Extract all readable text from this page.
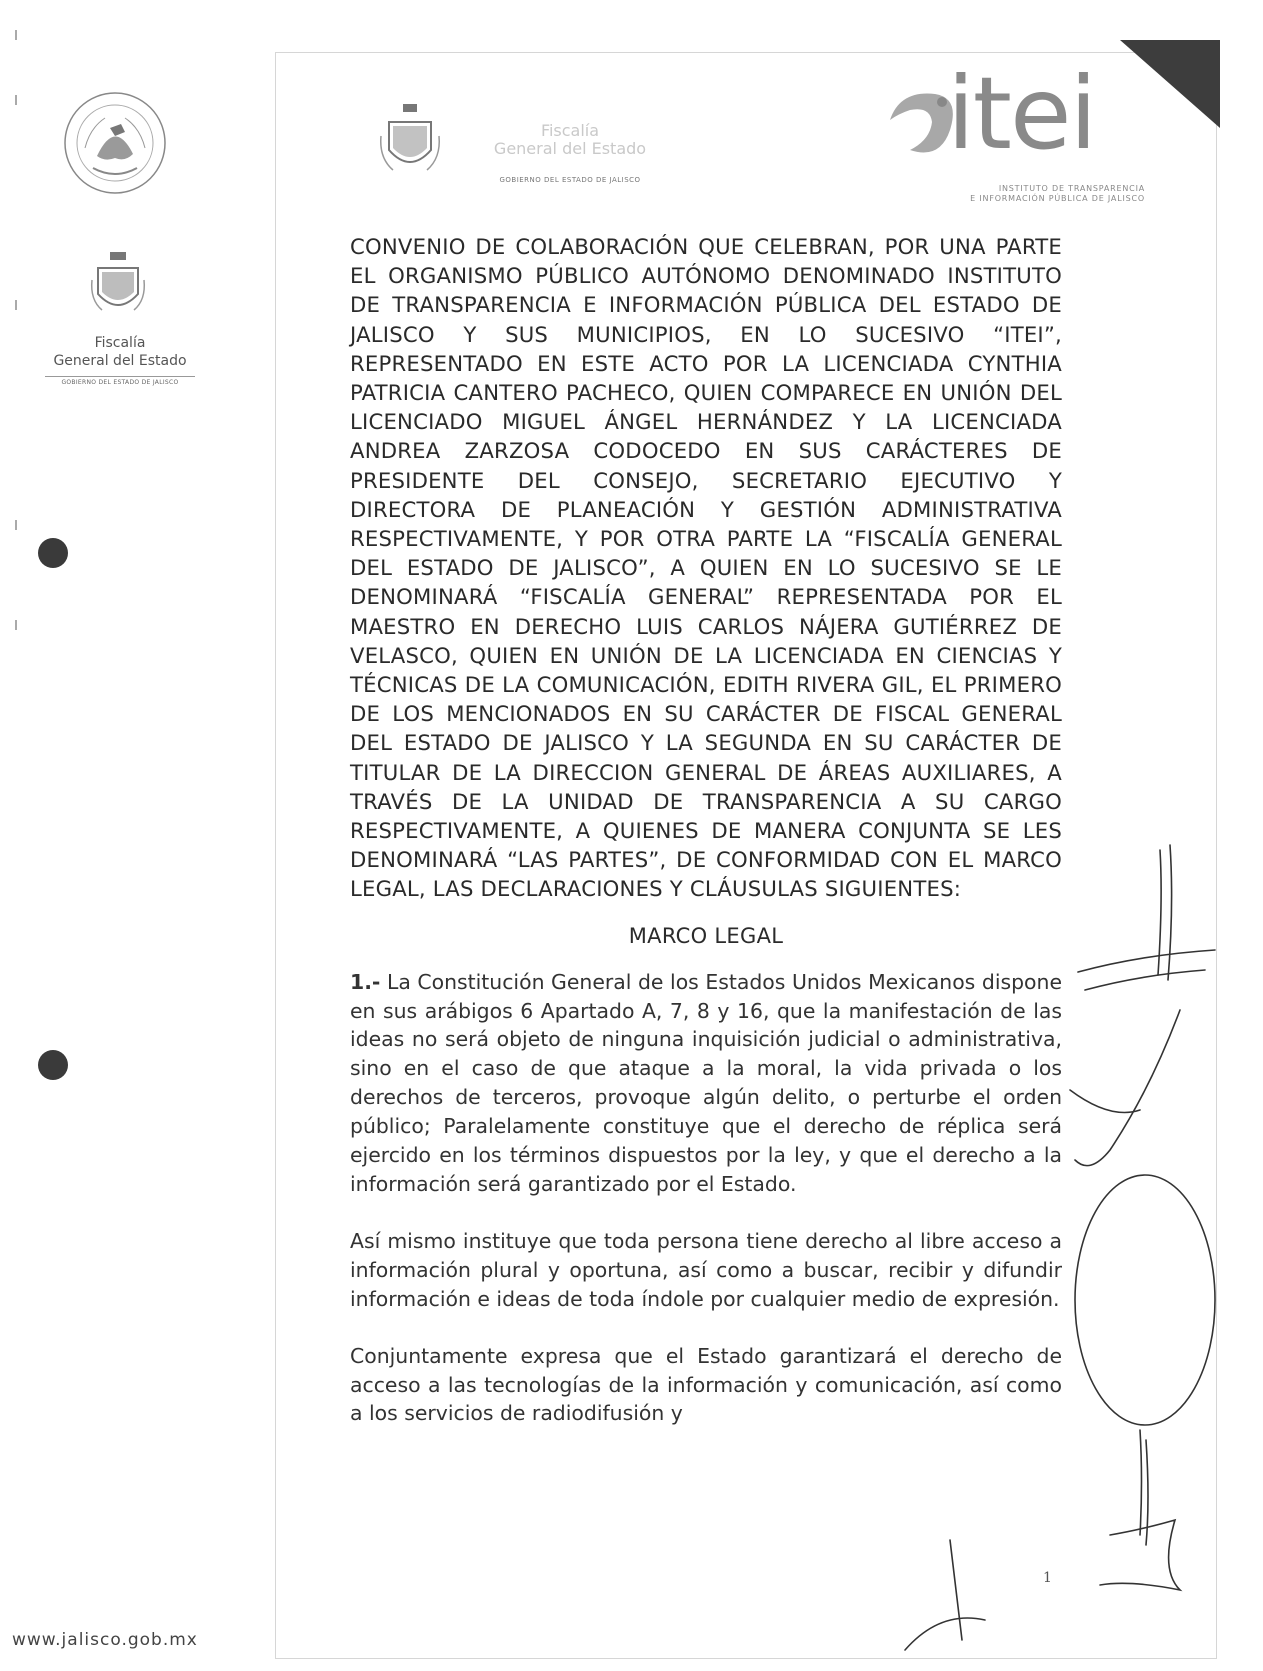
Fiscalía
General del Estado
GOBIERNO DEL ESTADO DE JALISCO
www.jalisco.gob.mx
Fiscalía
General del Estado
GOBIERNO DEL ESTADO DE JALISCO
itei
INSTITUTO DE TRANSPARENCIA
E INFORMACIÓN PÚBLICA DE JALISCO

CONVENIO DE COLABORACIÓN QUE CELEBRAN, POR UNA PARTE EL ORGANISMO PÚBLICO AUTÓNOMO DENOMINADO INSTITUTO DE TRANSPARENCIA E INFORMACIÓN PÚBLICA DEL ESTADO DE JALISCO Y SUS MUNICIPIOS, EN LO SUCESIVO “ITEI”, REPRESENTADO EN ESTE ACTO POR LA LICENCIADA CYNTHIA PATRICIA CANTERO PACHECO, QUIEN COMPARECE EN UNIÓN DEL LICENCIADO MIGUEL ÁNGEL HERNÁNDEZ Y LA LICENCIADA ANDREA ZARZOSA CODOCEDO EN SUS CARÁCTERES DE PRESIDENTE DEL CONSEJO, SECRETARIO EJECUTIVO Y DIRECTORA DE PLANEACIÓN Y GESTIÓN ADMINISTRATIVA RESPECTIVAMENTE, Y POR OTRA PARTE LA “FISCALÍA GENERAL DEL ESTADO DE JALISCO”, A QUIEN EN LO SUCESIVO SE LE DENOMINARÁ “FISCALÍA GENERAL” REPRESENTADA POR EL MAESTRO EN DERECHO LUIS CARLOS NÁJERA GUTIÉRREZ DE VELASCO, QUIEN EN UNIÓN DE LA LICENCIADA EN CIENCIAS Y TÉCNICAS DE LA COMUNICACIÓN, EDITH RIVERA GIL, EL PRIMERO DE LOS MENCIONADOS EN SU CARÁCTER DE FISCAL GENERAL DEL ESTADO DE JALISCO Y LA SEGUNDA EN SU CARÁCTER DE TITULAR DE LA DIRECCION GENERAL DE ÁREAS AUXILIARES, A TRAVÉS DE LA UNIDAD DE TRANSPARENCIA A SU CARGO RESPECTIVAMENTE, A QUIENES DE MANERA CONJUNTA SE LES DENOMINARÁ “LAS PARTES”, DE CONFORMIDAD CON EL MARCO LEGAL, LAS DECLARACIONES Y CLÁUSULAS SIGUIENTES:

MARCO LEGAL

1.- La Constitución General de los Estados Unidos Mexicanos dispone en sus arábigos 6 Apartado A, 7, 8 y 16, que la manifestación de las ideas no será objeto de ninguna inquisición judicial o administrativa, sino en el caso de que ataque a la moral, la vida privada o los derechos de terceros, provoque algún delito, o perturbe el orden público; Paralelamente constituye que el derecho de réplica será ejercido en los términos dispuestos por la ley, y que el derecho a la información será garantizado por el Estado.

Así mismo instituye que toda persona tiene derecho al libre acceso a información plural y oportuna, así como a buscar, recibir y difundir información e ideas de toda índole por cualquier medio de expresión.

Conjuntamente expresa que el Estado garantizará el derecho de acceso a las tecnologías de la información y comunicación, así como a los servicios de radiodifusión y

1
